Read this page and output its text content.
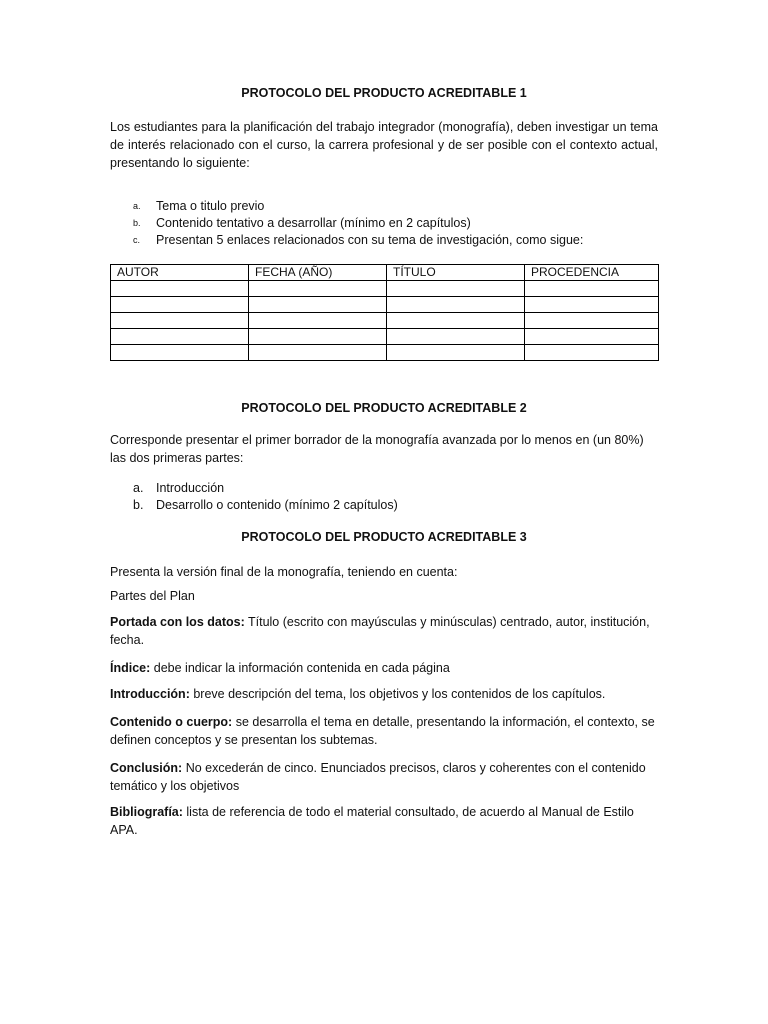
PROTOCOLO DEL PRODUCTO ACREDITABLE 1

Los estudiantes para la planificación del trabajo integrador (monografía), deben investigar un tema de interés relacionado con el curso, la carrera profesional y de ser posible con el contexto actual, presentando lo siguiente:

a. Tema o titulo previo
b. Contenido tentativo a desarrollar (mínimo en 2 capítulos)
c. Presentan 5 enlaces relacionados con su tema de investigación, como sigue:
AUTOR	FECHA (AÑO)	TÍTULO	PROCEDENCIA

PROTOCOLO DEL PRODUCTO ACREDITABLE 2

Corresponde presentar el primer borrador de la monografía avanzada por lo menos en (un 80%) las dos primeras partes:

a. Introducción
b. Desarrollo o contenido (mínimo 2 capítulos)
PROTOCOLO DEL PRODUCTO ACREDITABLE 3

Presenta la versión final de la monografía, teniendo en cuenta:

Partes del Plan

Portada con los datos: Título (escrito con mayúsculas y minúsculas) centrado, autor, institución, fecha.

Índice: debe indicar la información contenida en cada página

Introducción: breve descripción del tema, los objetivos y los contenidos de los capítulos.

Contenido o cuerpo: se desarrolla el tema en detalle, presentando la información, el contexto, se definen conceptos y se presentan los subtemas.

Conclusión: No excederán de cinco. Enunciados precisos, claros y coherentes con el contenido temático y los objetivos

Bibliografía: lista de referencia de todo el material consultado, de acuerdo al Manual de Estilo APA.
